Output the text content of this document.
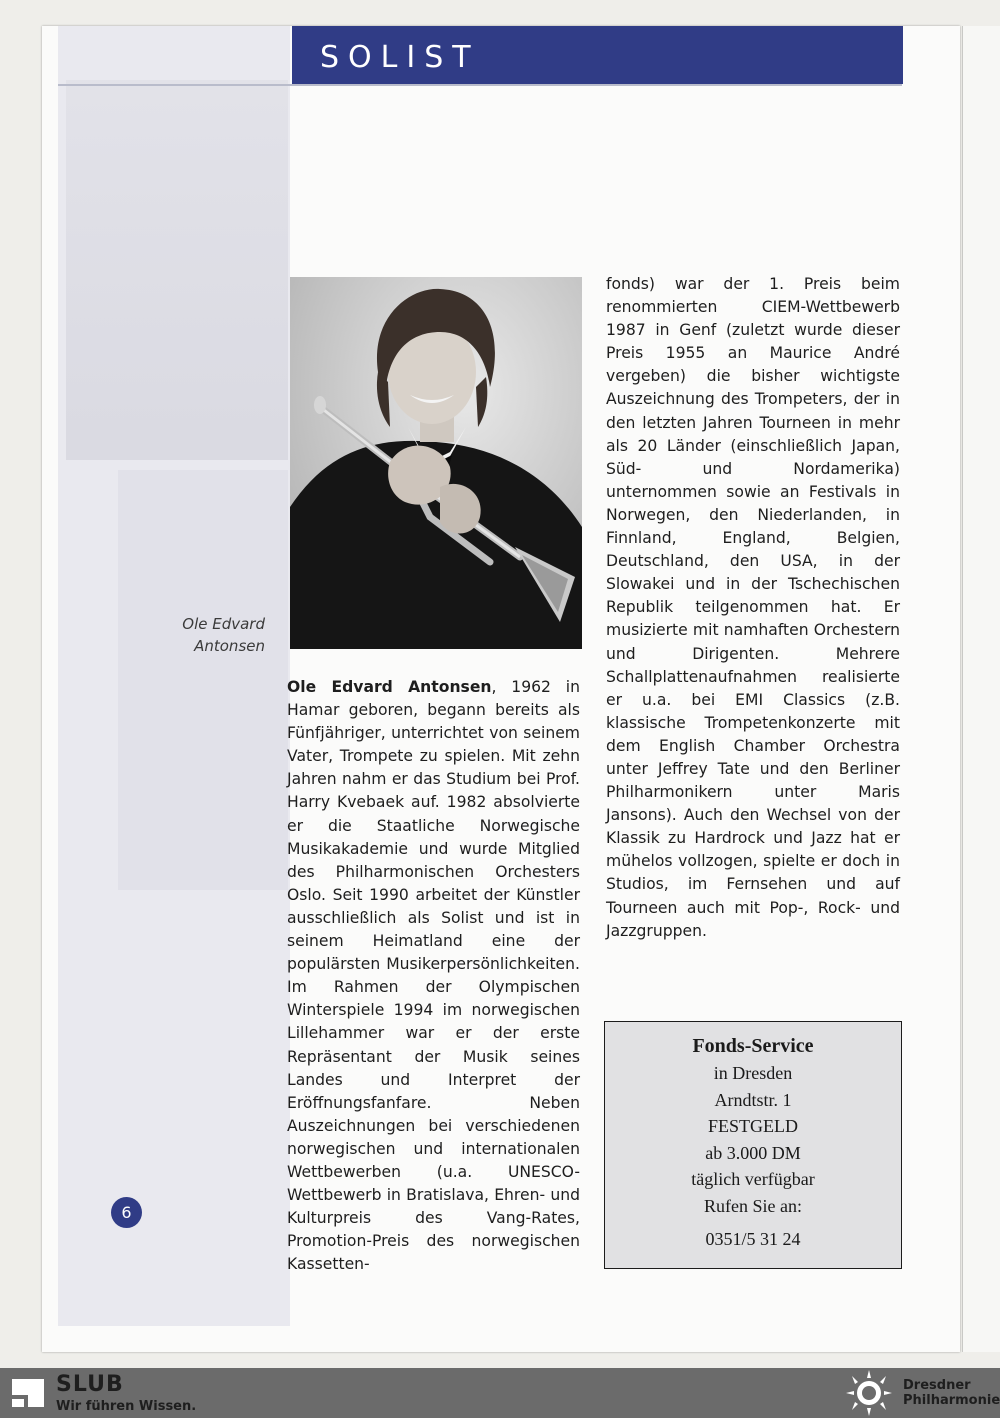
SOLIST
Ole Edvard Antonsen
Ole Edvard Antonsen, 1962 in Hamar geboren, begann bereits als Fünfjähriger, unterrichtet von seinem Vater, Trompete zu spielen. Mit zehn Jahren nahm er das Studium bei Prof. Harry Kvebaek auf. 1982 absolvierte er die Staatliche Norwegische Musikakademie und wurde Mitglied des Philharmonischen Orchesters Oslo. Seit 1990 arbeitet der Künstler ausschließlich als Solist und ist in seinem Heimatland eine der populärsten Musikerpersönlichkeiten. Im Rahmen der Olympischen Winterspiele 1994 im norwegischen Lillehammer war er der erste Repräsentant der Musik seines Landes und Interpret der Eröffnungsfanfare. Neben Auszeichnungen bei verschiedenen norwegischen und internationalen Wettbewerben (u.a. UNESCO-Wettbewerb in Bratislava, Ehren- und Kulturpreis des Vang-Rates, Promotion-Preis des norwegischen Kassetten-
fonds) war der 1. Preis beim renommierten CIEM-Wettbewerb 1987 in Genf (zuletzt wurde dieser Preis 1955 an Maurice André vergeben) die bisher wichtigste Auszeichnung des Trompeters, der in den letzten Jahren Tourneen in mehr als 20 Länder (einschließlich Japan, Süd- und Nordamerika) unternommen sowie an Festivals in Norwegen, den Niederlanden, in Finnland, England, Belgien, Deutschland, den USA, in der Slowakei und in der Tschechischen Republik teilgenommen hat. Er musizierte mit namhaften Orchestern und Dirigenten. Mehrere Schallplattenaufnahmen realisierte er u.a. bei EMI Classics (z.B. klassische Trompetenkonzerte mit dem English Chamber Orchestra unter Jeffrey Tate und den Berliner Philharmonikern unter Maris Jansons). Auch den Wechsel von der Klassik zu Hardrock und Jazz hat er mühelos vollzogen, spielte er doch in Studios, im Fernsehen und auf Tourneen auch mit Pop-, Rock- und Jazzgruppen.
Fonds-Service
in Dresden
Arndtstr. 1
FESTGELD
ab 3.000 DM
täglich verfügbar
Rufen Sie an:
0351/5 31 24
6
SLUB
Wir führen Wissen.
Dresdner
Philharmonie
